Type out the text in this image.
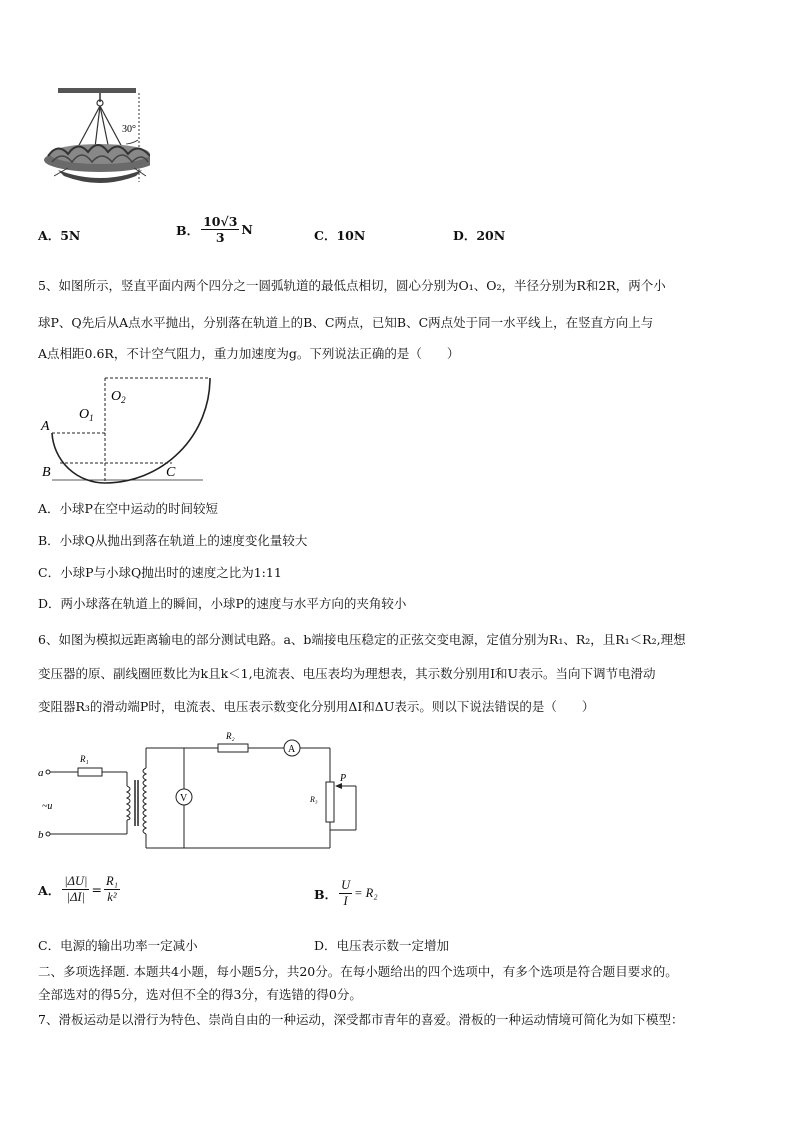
30°
A．5N	B． $\frac{10√3}{3}$ N	C．10N	D．20N
5、如图所示，竖直平面内两个四分之一圆弧轨道的最低点相切，圆心分别为O₁、O₂，半径分别为R和2R，两个小
球P、Q先后从A点水平抛出，分别落在轨道上的B、C两点，已知B、C两点处于同一水平线上，在竖直方向上与
A点相距0.6R，不计空气阻力，重力加速度为g。下列说法正确的是（　　）
$O_2$
$O_1$
A
B	C
A．小球P在空中运动的时间较短
B．小球Q从抛出到落在轨道上的速度变化量较大
C．小球P与小球Q抛出时的速度之比为1:11
D．两小球落在轨道上的瞬间，小球P的速度与水平方向的夹角较小
6、如图为模拟远距离输电的部分测试电路。a、b端接电压稳定的正弦交变电源，定值分别为R₁、R₂，且R₁＜R₂,理想
变压器的原、副线圈匝数比为k且k＜1,电流表、电压表均为理想表，其示数分别用I和U表示。当向下调节电滑动
变阻器R₃的滑动端P时，电流表、电压表示数变化分别用ΔI和ΔU表示。则以下说法错误的是（　　）
a
b
~u
R₁
R₂
A
R₃
P
V
A． $\frac{|\Delta U|}{|\Delta I|} = \frac{\text{R₁}}{\text{k²}}$	B． $\frac{U}{I} = R_2$
C．电源的输出功率一定减小	D．电压表示数一定增加
二、多项选择题. 本题共4小题，每小题5分，共20分。在每小题给出的四个选项中，有多个选项是符合题目要求的。
全部选对的得5分，选对但不全的得3分，有选错的得0分。
7、滑板运动是以滑行为特色、崇尚自由的一种运动，深受都市青年的喜爱。滑板的一种运动情境可简化为如下模型：
